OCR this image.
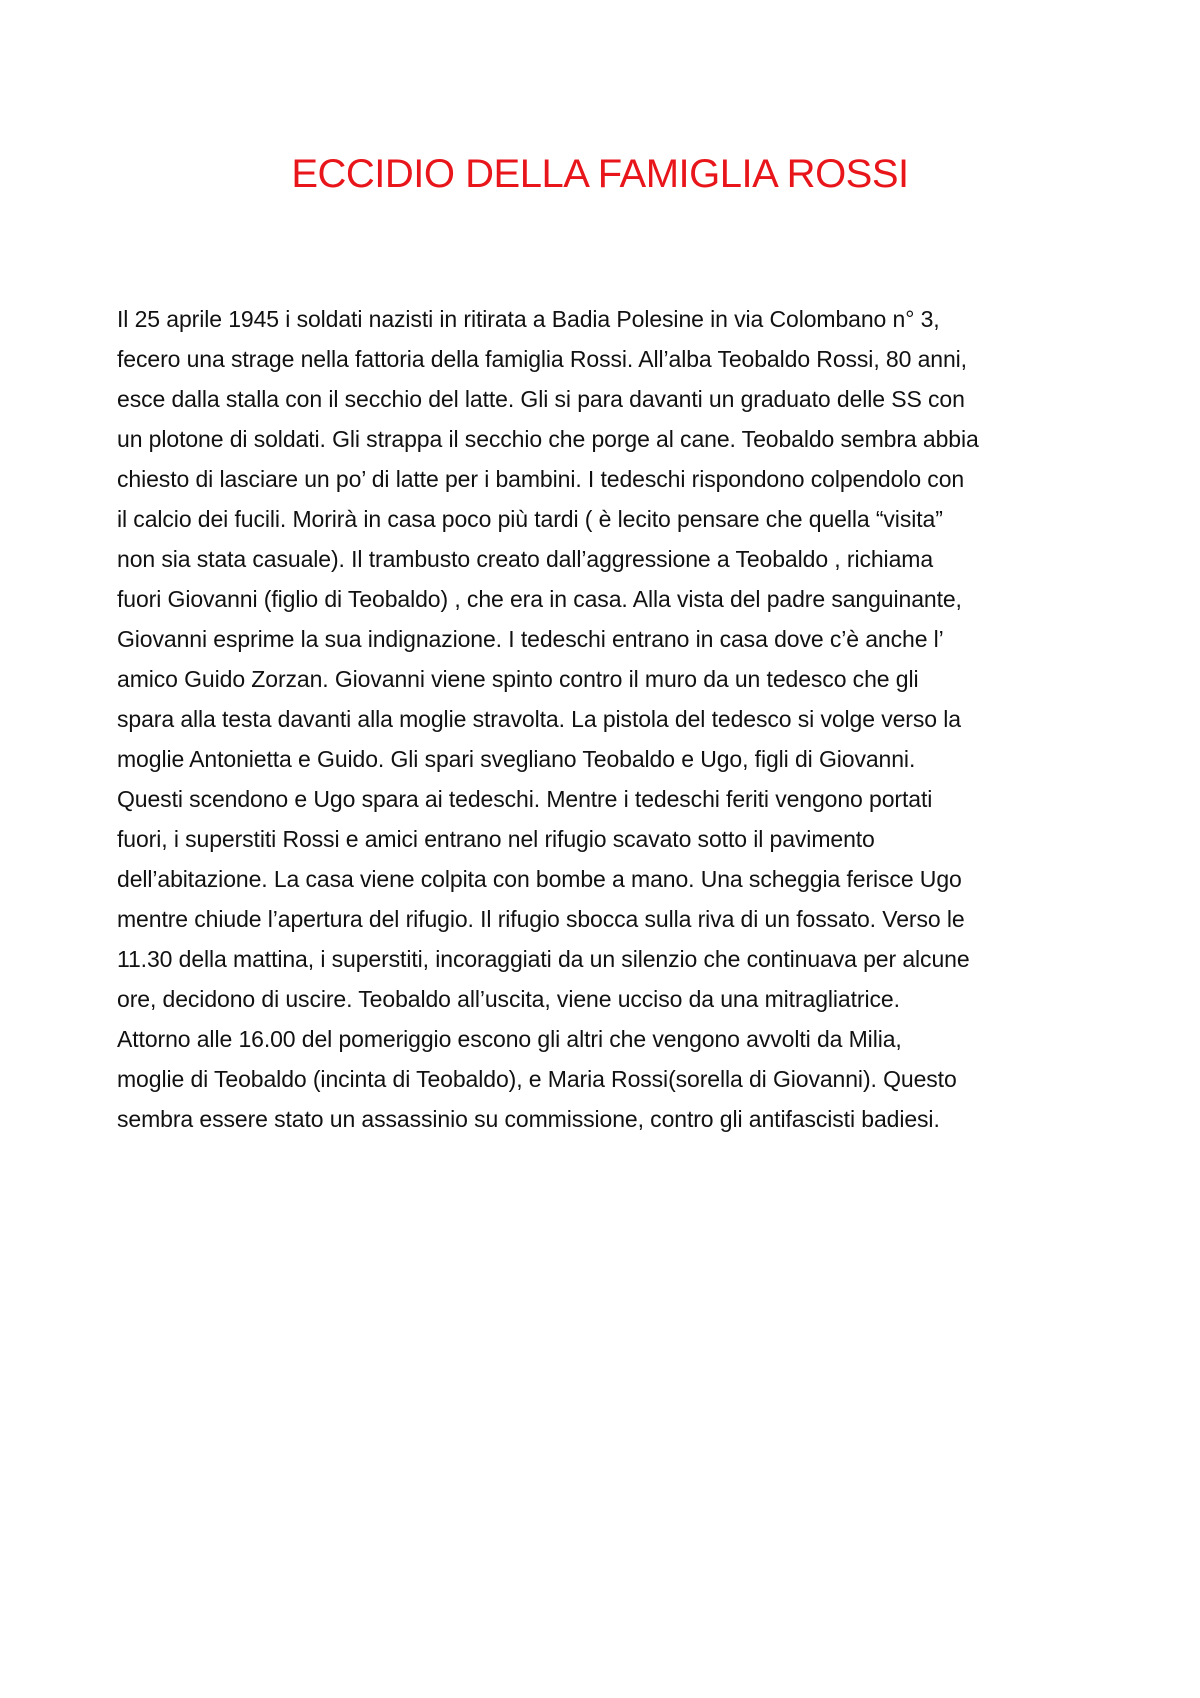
ECCIDIO DELLA FAMIGLIA ROSSI
Il 25 aprile 1945 i soldati nazisti in ritirata a Badia Polesine in via Colombano n° 3,
fecero una strage nella fattoria della famiglia Rossi. All’alba Teobaldo Rossi, 80 anni,
esce dalla stalla con il secchio del latte. Gli si para davanti un graduato delle SS con
un plotone di soldati. Gli strappa il secchio che porge al cane. Teobaldo sembra abbia
chiesto di lasciare un po’ di latte per i bambini. I tedeschi rispondono colpendolo con
il calcio dei fucili. Morirà in casa poco più tardi ( è lecito pensare che quella “visita”
non sia stata casuale). Il trambusto creato dall’aggressione a Teobaldo , richiama
fuori Giovanni (figlio di Teobaldo) , che era in casa. Alla vista del padre sanguinante,
Giovanni esprime la sua indignazione. I tedeschi entrano in casa dove c’è anche l’
amico Guido Zorzan. Giovanni viene spinto contro il muro da un tedesco che gli
spara alla testa davanti alla moglie stravolta. La pistola del tedesco si volge verso la
moglie Antonietta e Guido. Gli spari svegliano Teobaldo e Ugo, figli di Giovanni.
Questi scendono e Ugo spara ai tedeschi. Mentre i tedeschi feriti vengono portati
fuori, i superstiti Rossi e amici entrano nel rifugio scavato sotto il pavimento
dell’abitazione. La casa viene colpita con bombe a mano. Una scheggia ferisce Ugo
mentre chiude l’apertura del rifugio. Il rifugio sbocca sulla riva di un fossato. Verso le
11.30 della mattina, i superstiti, incoraggiati da un silenzio che continuava per alcune
ore, decidono di uscire. Teobaldo all’uscita, viene ucciso da una mitragliatrice.
Attorno alle 16.00 del pomeriggio escono gli altri che vengono avvolti da Milia,
moglie di Teobaldo (incinta di Teobaldo), e Maria Rossi(sorella di Giovanni). Questo
sembra essere stato un assassinio su commissione, contro gli antifascisti badiesi.
